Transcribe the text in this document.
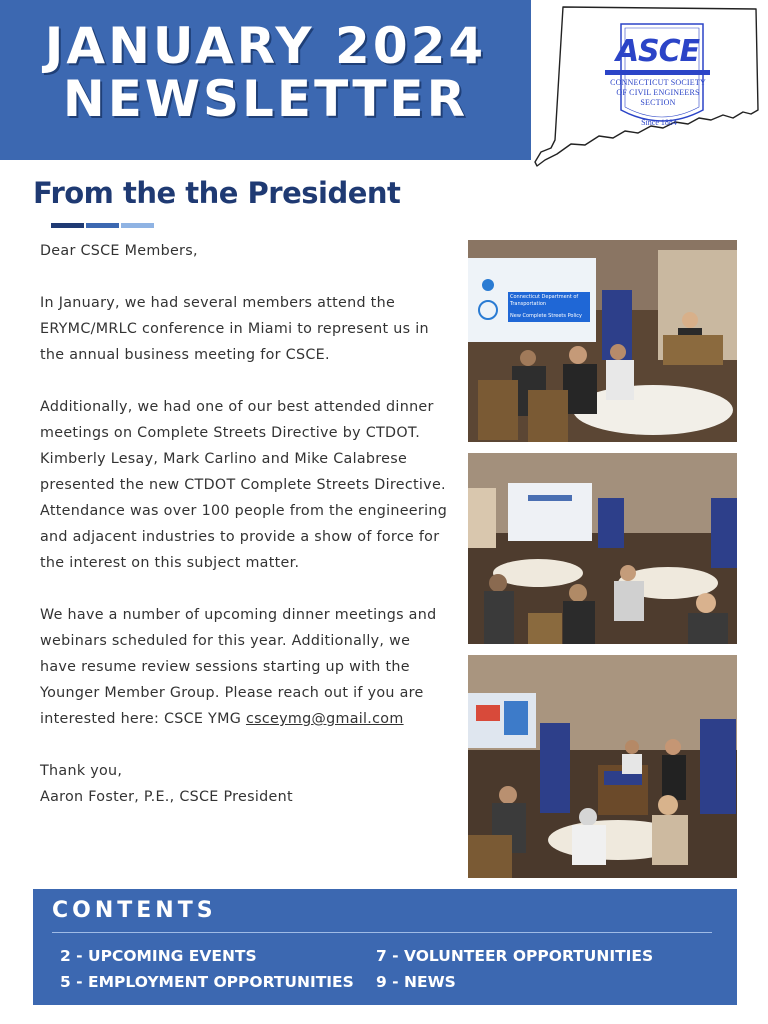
JANUARY 2024
NEWSLETTER
ASCE
CONNECTICUT SOCIETY
OF CIVIL ENGINEERS
SECTION
Since 1884
From the the President

Dear CSCE Members,

In January, we had several members attend the ERYMC/MRLC conference in Miami to represent us in the annual business meeting for CSCE.

Additionally, we had one of our best attended dinner meetings on Complete Streets Directive by CTDOT. Kimberly Lesay, Mark Carlino and Mike Calabrese presented the new CTDOT Complete Streets Directive. Attendance was over 100 people from the engineering and adjacent industries to provide a show of force for the interest on this subject matter.

We have a number of upcoming dinner meetings and webinars scheduled for this year. Additionally, we have resume review sessions starting up with the Younger Member Group. Please reach out if you are interested here: CSCE YMG csceymg@gmail.com

Thank you,

Aaron Foster, P.E., CSCE President

Connecticut Department of
Transportation
New Complete Streets Policy
CONTENTS
2 - UPCOMING EVENTS
5 - EMPLOYMENT OPPORTUNITIES
7 - VOLUNTEER OPPORTUNITIES
9 - NEWS
